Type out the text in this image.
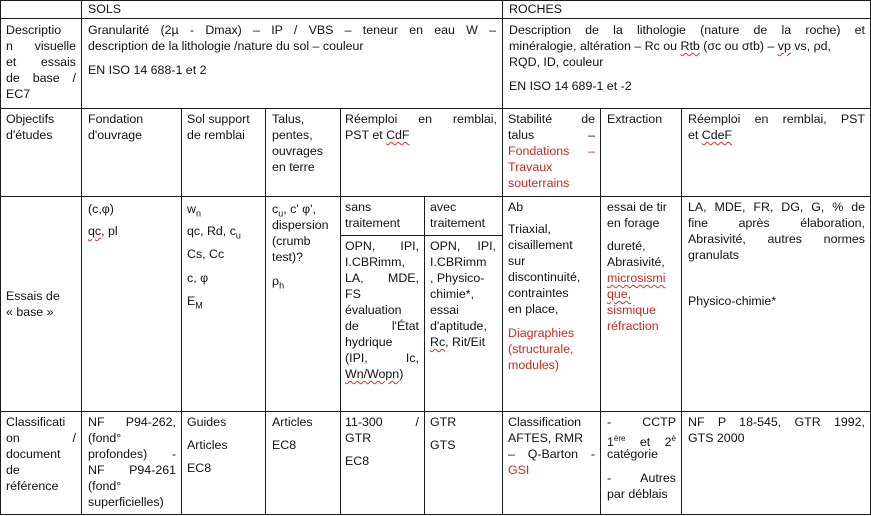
SOLS	ROCHES
Descriptio
n visuelle
et essais
de base /
EC7
Granularité (2µ - Dmax) – IP / VBS – teneur en eau W –
description de la lithologie /nature du sol – couleur
EN ISO 14 688-1 et 2
Description de la lithologie (nature de la roche) et
minéralogie, altération – Rc ou Rtb (σc ou σtb) – vp vs, ρd,
RQD, ID, couleur
EN ISO 14 689-1 et -2
Objectifs
d'études
Fondation
d'ouvrage
Sol support
de remblai
Talus,
pentes,
ouvrages
en terre
Réemploi en remblai,
PST et CdF
Stabilité de
talus –
Fondations –
Travaux
souterrains
Extraction Réemploi en remblai, PST
et CdeF
Essais de
« base »
(c,φ)
qc, pl
$w_n$
qc, Rd, $c_u$
Cs, Cc
c, φ
$E_M$
$c_u$, c' φ',
dispersion
(crumb
test)?
$\rho_h$
sans
traitement
avec
traitement
OPN, IPI,
I.CBRimm,
LA, MDE,
FS
évaluation
de l'État
hydrique
(IPI, Ic,
Wn/Wopn)
OPN, IPI,
I.CBRimm
, Physico-
chimie*,
essai
d'aptitude,
Rc, Rit/Eit
Ab
Triaxial,
cisaillement
sur
discontinuité,
contraintes
en place,
Diagraphies
(structurale,
modules)
essai de tir
en forage
dureté,
Abrasivité,
microsismi
que,
sismique
réfraction
LA, MDE, FR, DG, G, % de
fine après élaboration,
Abrasivité, autres normes
granulats
Physico-chimie*
Classificati
on /
document
de
référence
NF P94-262,
(fond°
profondes) -
NF P94-261
(fond°
superficielles)
Guides
Articles
EC8
Articles
EC8
11-300 /
GTR
EC8
GTR
GTS
Classification
AFTES, RMR
– Q-Barton -
GSI
- CCTP
1ère et $2^è$
catégorie
- Autres
par déblais
NF P 18-545, GTR 1992,
GTS 2000
